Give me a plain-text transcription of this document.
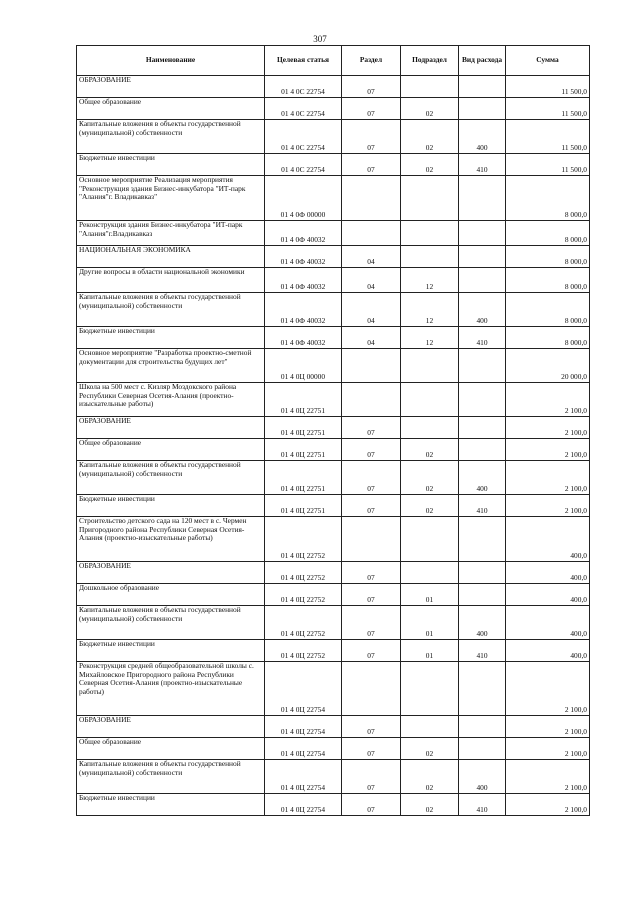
307
Наименование	Целевая статья	Раздел	Подраздел	Вид расхода	Сумма
ОБРАЗОВАНИЕ	01 4 0С 22754	07			11 500,0
Общее образование	01 4 0С 22754	07	02		11 500,0
Капитальные вложения в объекты государственной (муниципальной) собственности	01 4 0С 22754	07	02	400	11 500,0
Бюджетные инвестиции	01 4 0С 22754	07	02	410	11 500,0
Основное мероприятие Реализация мероприятия "Реконструкция здания Бизнес-инкубатора "ИТ-парк "Алания"г. Владикавказ"	01 4 0Ф 00000				8 000,0
Реконструкция здания Бизнес-инкубатора "ИТ-парк "Алания"г.Владикавказ	01 4 0Ф 40032				8 000,0
НАЦИОНАЛЬНАЯ ЭКОНОМИКА	01 4 0Ф 40032	04			8 000,0
Другие вопросы в области национальной экономики	01 4 0Ф 40032	04	12		8 000,0
Капитальные вложения в объекты государственной (муниципальной) собственности	01 4 0Ф 40032	04	12	400	8 000,0
Бюджетные инвестиции	01 4 0Ф 40032	04	12	410	8 000,0
Основное мероприятие "Разработка проектно-сметной документации для строительства будущих лет"	01 4 0Ц 00000				20 000,0
Школа на 500 мест с. Кизляр Моздокского района Республики Северная Осетия-Алания (проектно-изыскательные работы)	01 4 0Ц 22751				2 100,0
ОБРАЗОВАНИЕ	01 4 0Ц 22751	07			2 100,0
Общее образование	01 4 0Ц 22751	07	02		2 100,0
Капитальные вложения в объекты государственной (муниципальной) собственности	01 4 0Ц 22751	07	02	400	2 100,0
Бюджетные инвестиции	01 4 0Ц 22751	07	02	410	2 100,0
Строительство детского сада на 120 мест в с. Чермен Пригородного района Республики Северная Осетия-Алания (проектно-изыскательные работы)	01 4 0Ц 22752				400,0
ОБРАЗОВАНИЕ	01 4 0Ц 22752	07			400,0
Дошкольное образование	01 4 0Ц 22752	07	01		400,0
Капитальные вложения в объекты государственной (муниципальной) собственности	01 4 0Ц 22752	07	01	400	400,0
Бюджетные инвестиции	01 4 0Ц 22752	07	01	410	400,0
Реконструкция средней общеобразовательной школы с. Михайловское Пригородного района Республики Северная Осетия-Алания (проектно-изыскательные работы)	01 4 0Ц 22754				2 100,0
ОБРАЗОВАНИЕ	01 4 0Ц 22754	07			2 100,0
Общее образование	01 4 0Ц 22754	07	02		2 100,0
Капитальные вложения в объекты государственной (муниципальной) собственности	01 4 0Ц 22754	07	02	400	2 100,0
Бюджетные инвестиции	01 4 0Ц 22754	07	02	410	2 100,0
